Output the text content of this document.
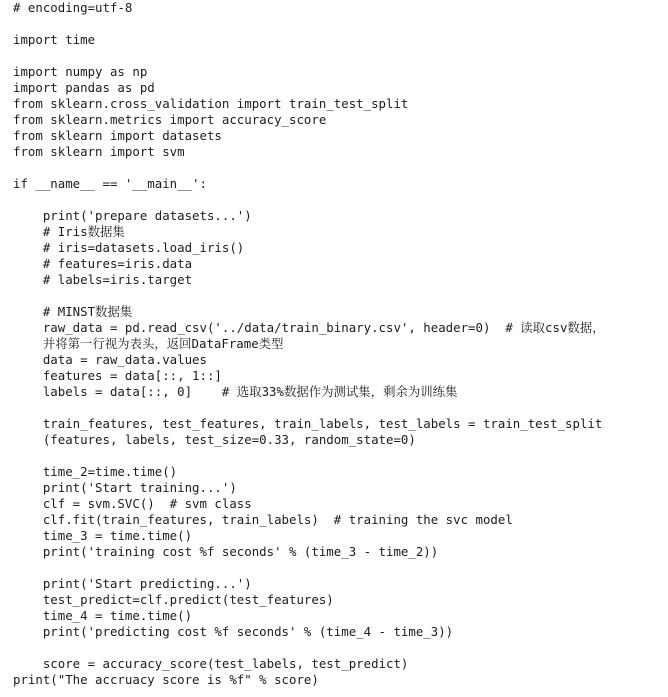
# encoding=utf-8
import time
import numpy as np
import pandas as pd
from sklearn.cross_validation import train_test_split
from sklearn.metrics import accuracy_score
from sklearn import datasets
from sklearn import svm
if __name__ == '__main__':
print('prepare datasets...')
# Iris数据集
# iris=datasets.load_iris()
# features=iris.data
# labels=iris.target
# MINST数据集
raw_data = pd.read_csv('../data/train_binary.csv', header=0)  # 读取csv数据，
并将第一行视为表头，返回DataFrame类型
data = raw_data.values
features = data[::, 1::]
labels = data[::, 0]    # 选取33%数据作为测试集，剩余为训练集
train_features, test_features, train_labels, test_labels = train_test_split
(features, labels, test_size=0.33, random_state=0)
time_2=time.time()
print('Start training...')
clf = svm.SVC()  # svm class
clf.fit(train_features, train_labels)  # training the svc model
time_3 = time.time()
print('training cost %f seconds' % (time_3 - time_2))
print('Start predicting...')
test_predict=clf.predict(test_features)
time_4 = time.time()
print('predicting cost %f seconds' % (time_4 - time_3))
score = accuracy_score(test_labels, test_predict)
print("The accruacy score is %f" % score)
